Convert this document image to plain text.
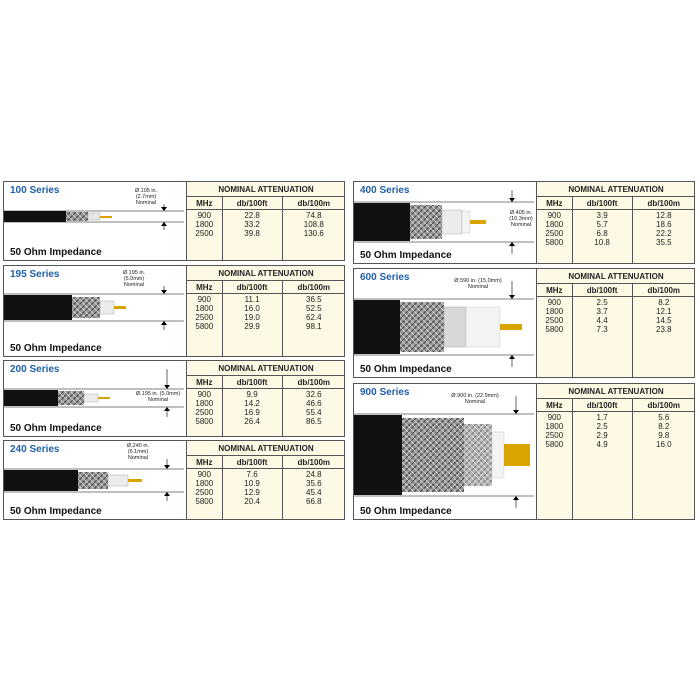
100 Series	Ø.105 in.
(2.7mm)
Nominal
50 Ohm Impedance
NOMINAL ATTENUATION		
MHz	db/100ft	db/100m
900	22.8	74.8
1800	33.2	108.8
2500	39.8	130.6
195 Series	Ø.195 in.
(5.0mm)
Nominal
50 Ohm Impedance
NOMINAL ATTENUATION		
MHz	db/100ft	db/100m
900	11.1	36.5
1800	16.0	52.5
2500	19.0	62.4
5800	29.9	98.1
200 Series
Ø.195 in. (5.0mm)
Nominal
50 Ohm Impedance
NOMINAL ATTENUATION		
MHz	db/100ft	db/100m
900	9.9	32.6
1800	14.2	46.6
2500	16.9	55.4
5800	26.4	86.5
240 Series	Ø.240 in.
(6.1mm)
Nominal
50 Ohm Impedance
NOMINAL ATTENUATION		
MHz	db/100ft	db/100m
900	7.6	24.8
1800	10.9	35.6
2500	12.9	45.4
5800	20.4	66.8
400 Series
Ø.405 in.
(10.3mm)
Nominal
50 Ohm Impedance
NOMINAL ATTENUATION		
MHz	db/100ft	db/100m
900	3.9	12.8
1800	5.7	18.6
2500	6.8	22.2
5800	10.8	35.5
600 Series	Ø.590 in. (15.0mm)
Nominal
50 Ohm Impedance
NOMINAL ATTENUATION		
MHz	db/100ft	db/100m
900	2.5	8.2
1800	3.7	12.1
2500	4.4	14.5
5800	7.3	23.8
900 Series	Ø.900 in. (22.9mm)
Nominal
50 Ohm Impedance
NOMINAL ATTENUATION		
MHz	db/100ft	db/100m
900	1.7	5.6
1800	2.5	8.2
2500	2.9	9.8
5800	4.9	16.0
